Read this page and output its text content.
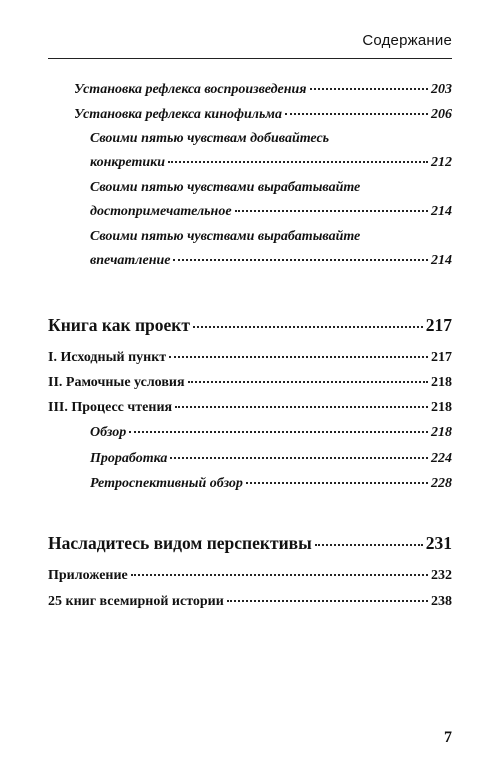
Содержание
Установка рефлекса воспроизведения	203
Установка рефлекса кинофильма	206
Своими пятью чувствам добивайтесь
конкретики	212
Своими пятью чувствами вырабатывайте
достопримечательное	214
Своими пятью чувствами вырабатывайте
впечатление	214
Книга как проект	217
I. Исходный пункт	217
II. Рамочные условия	218
III. Процесс чтения	218
Обзор	218
Проработка	224
Ретроспективный обзор	228
Насладитесь видом перспективы	231
Приложение	232
25 книг всемирной истории	238
7
